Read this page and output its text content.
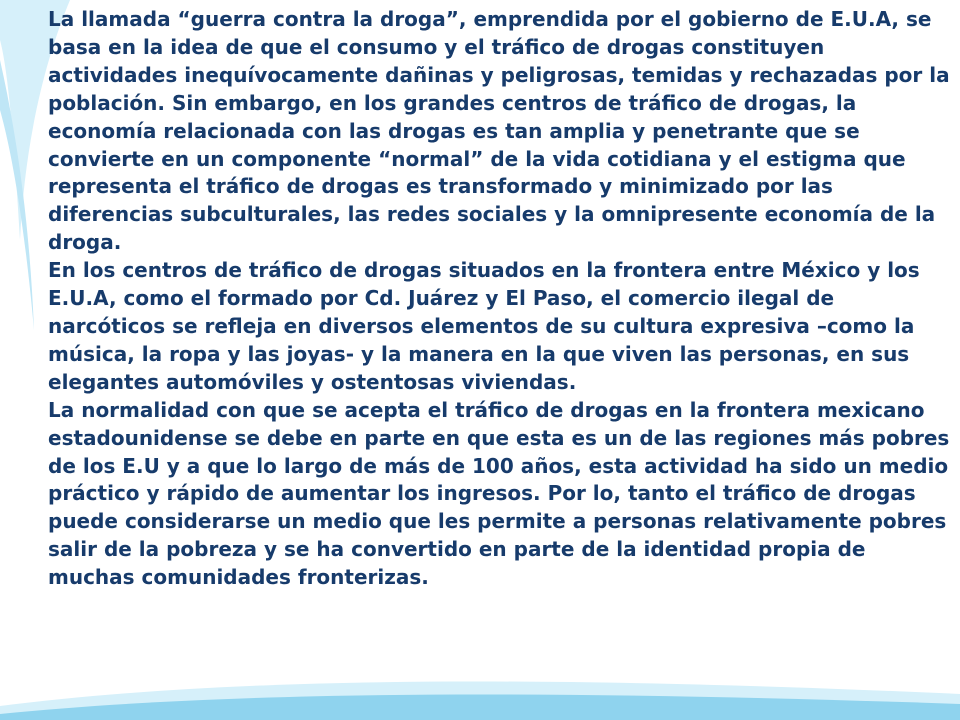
La llamada “guerra contra la droga”, emprendida por el gobierno de E.U.A, se basa en la idea de que el consumo y el tráfico de drogas constituyen actividades inequívocamente dañinas y peligrosas, temidas y rechazadas por la población. Sin embargo, en los grandes centros de tráfico de drogas, la economía relacionada con las drogas es tan amplia y penetrante que se convierte en un componente “normal” de la vida cotidiana y el estigma que representa el tráfico de drogas es transformado y minimizado por las diferencias subculturales, las redes sociales y la omnipresente economía de la droga.

En los centros de tráfico de drogas situados en la frontera entre México y los E.U.A, como el formado por Cd. Juárez y El Paso, el comercio ilegal de narcóticos se refleja en diversos elementos de su cultura expresiva –como la música, la ropa y las joyas- y la manera en la que viven las personas, en sus elegantes automóviles y ostentosas viviendas.

La normalidad con que se acepta el tráfico de drogas en la frontera mexicano estadounidense se debe en parte en que esta es un de las regiones más pobres de los E.U y a que lo largo de más de 100 años, esta actividad ha sido un medio práctico y rápido de aumentar los ingresos. Por lo, tanto el tráfico de drogas puede considerarse un medio que les permite a personas relativamente pobres salir de la pobreza y se ha convertido en parte de la identidad propia de muchas comunidades fronterizas.
